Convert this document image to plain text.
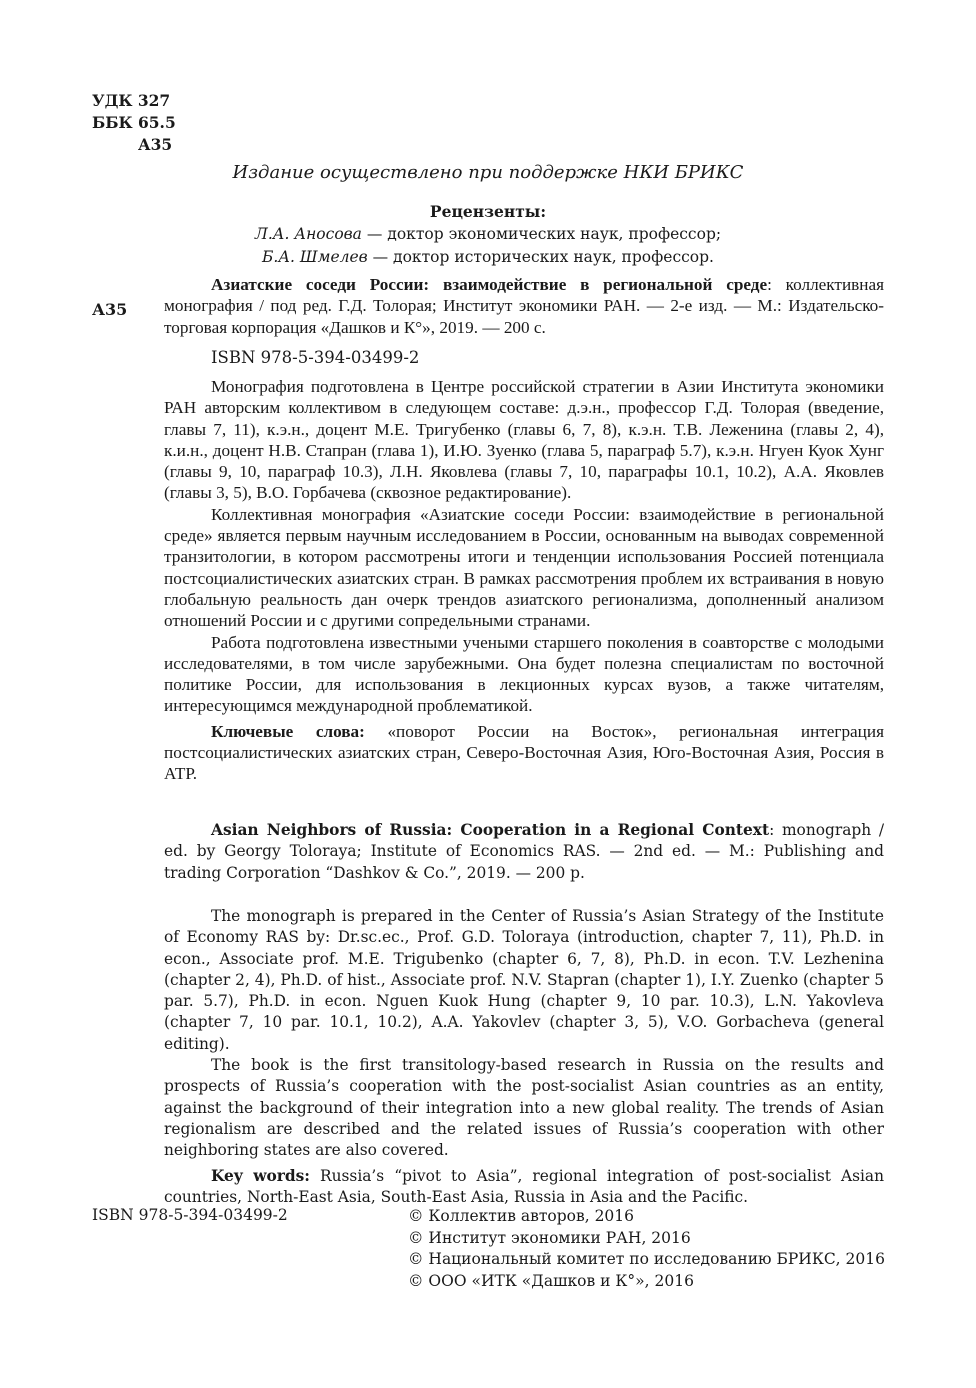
УДК 327
ББК 65.5
А35
Издание осуществлено при поддержке НКИ БРИКС
Рецензенты:
Л.А. Аносова — доктор экономических наук, профессор;
Б.А. Шмелев — доктор исторических наук, профессор.
А35

Азиатские соседи России: взаимодействие в региональной среде: коллективная монография / под ред. Г.Д. Толорая; Институт экономики РАН. — 2-е изд. — М.: Издательско-торговая корпорация «Дашков и К°», 2019. — 200 с.

ISBN 978-5-394-03499-2

Монография подготовлена в Центре российской стратегии в Азии Института экономики РАН авторским коллективом в следующем составе: д.э.н., профессор Г.Д. Толорая (введение, главы 7, 11), к.э.н., доцент М.Е. Тригубенко (главы 6, 7, 8), к.э.н. Т.В. Леженина (главы 2, 4), к.и.н., доцент Н.В. Стапран (глава 1), И.Ю. Зуенко (глава 5, параграф 5.7), к.э.н. Нгуен Куок Хунг (главы 9, 10, параграф 10.3), Л.Н. Яковлева (главы 7, 10, параграфы 10.1, 10.2), А.А. Яковлев (главы 3, 5), В.О. Горбачева (сквозное редактирование).

Коллективная монография «Азиатские соседи России: взаимодействие в региональной среде» является первым научным исследованием в России, основанным на выводах современной транзитологии, в котором рассмотрены итоги и тенденции использования Россией потенциала постсоциалистических азиатских стран. В рамках рассмотрения проблем их встраивания в новую глобальную реальность дан очерк трендов азиатского регионализма, дополненный анализом отношений России и с другими сопредельными странами.

Работа подготовлена известными учеными старшего поколения в соавторстве с молодыми исследователями, в том числе зарубежными. Она будет полезна специалистам по восточной политике России, для использования в лекционных курсах вузов, а также читателям, интересующимся международной проблематикой.

Ключевые слова: «поворот России на Восток», региональная интеграция постсоциалистических азиатских стран, Северо-Восточная Азия, Юго-Восточная Азия, Россия в АТР.

Asian Neighbors of Russia: Cooperation in a Regional Context: monograph / ed. by Georgy Toloraya; Institute of Economics RAS. — 2nd ed. — M.: Publishing and trading Corporation “Dashkov & Co.”, 2019. — 200 p.

The monograph is prepared in the Center of Russia’s Asian Strategy of the Institute of Economy RAS by: Dr.sc.ec., Prof. G.D. Toloraya (introduction, chapter 7, 11), Ph.D. in econ., Associate prof. M.E. Trigubenko (chapter 6, 7, 8), Ph.D. in econ. T.V. Lezhenina (chapter 2, 4), Ph.D. of hist., Associate prof. N.V. Stapran (chapter 1), I.Y. Zuenko (chapter 5 par. 5.7), Ph.D. in econ. Nguen Kuok Hung (chapter 9, 10 par. 10.3), L.N. Yakovleva (chapter 7, 10 par. 10.1, 10.2), A.A. Yakovlev (chapter 3, 5), V.O. Gorbacheva (general editing).

The book is the first transitology-based research in Russia on the results and prospects of Russia’s cooperation with the post-socialist Asian countries as an entity, against the background of their integration into a new global reality. The trends of Asian regionalism are described and the related issues of Russia’s cooperation with other neighboring states are also covered.

Key words: Russia’s “pivot to Asia”, regional integration of post-socialist Asian countries, North-East Asia, South-East Asia, Russia in Asia and the Pacific.

ISBN 978-5-394-03499-2	© Коллектив авторов, 2016
© Институт экономики РАН, 2016
© Национальный комитет по исследованию БРИКС, 2016
© ООО «ИТК «Дашков и К°», 2016
